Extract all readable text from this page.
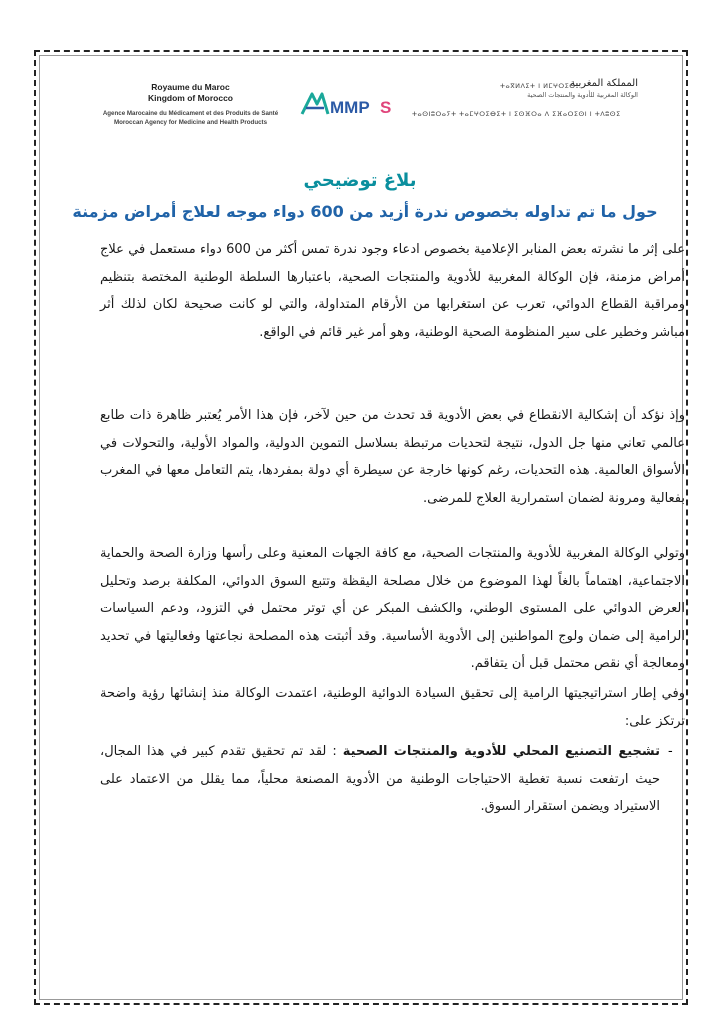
Royaume du Maroc
Kingdom of Morocco
Agence Marocaine du Médicament et des Produits de Santé
Moroccan Agency for Medicine and Health Products
MMP S
المملكة المغربية
الوكالة المغربية للأدوية والمنتجات الصحية
ⵜⴰⴳⵍⴷⵉⵜ ⵏ ⵍⵎⵖⵔⵉⴱ
ⵜⴰⵙⵏⵓⵔⴰⵢⵜ ⵜⴰⵎⵖⵔⵉⴱⵉⵜ ⵏ ⵉⵙⴼⵔⴰ ⴷ ⵉⴼⴰⵔⵉⵙⵏ ⵏ ⵜⴷⵓⵙⵉ
بلاغ توضيحي
حول ما تم تداوله بخصوص ندرة أزيد من 600 دواء موجه لعلاج أمراض مزمنة
على إثر ما نشرته بعض المنابر الإعلامية بخصوص ادعاء وجود ندرة تمس أكثر من 600 دواء مستعمل في علاج أمراض مزمنة، فإن الوكالة المغربية للأدوية والمنتجات الصحية، باعتبارها السلطة الوطنية المختصة بتنظيم ومراقبة القطاع الدوائي، تعرب عن استغرابها من الأرقام المتداولة، والتي لو كانت صحيحة لكان لذلك أثر مباشر وخطير على سير المنظومة الصحية الوطنية، وهو أمر غير قائم في الواقع.
وإذ نؤكد أن إشكالية الانقطاع في بعض الأدوية قد تحدث من حين لآخر، فإن هذا الأمر يُعتبر ظاهرة ذات طابع عالمي تعاني منها جل الدول، نتيجة لتحديات مرتبطة بسلاسل التموين الدولية، والمواد الأولية، والتحولات في الأسواق العالمية. هذه التحديات، رغم كونها خارجة عن سيطرة أي دولة بمفردها، يتم التعامل معها في المغرب بفعالية ومرونة لضمان استمرارية العلاج للمرضى.
وتولي الوكالة المغربية للأدوية والمنتجات الصحية، مع كافة الجهات المعنية وعلى رأسها وزارة الصحة والحماية الاجتماعية، اهتماماً بالغاً لهذا الموضوع من خلال مصلحة اليقظة وتتبع السوق الدوائي، المكلفة برصد وتحليل العرض الدوائي على المستوى الوطني، والكشف المبكر عن أي توتر محتمل في التزود، ودعم السياسات الرامية إلى ضمان ولوج المواطنين إلى الأدوية الأساسية. وقد أثبتت هذه المصلحة نجاعتها وفعاليتها في تحديد ومعالجة أي نقص محتمل قبل أن يتفاقم.
وفي إطار استراتيجيتها الرامية إلى تحقيق السيادة الدوائية الوطنية، اعتمدت الوكالة منذ إنشائها رؤية واضحة ترتكز على:
-
تشجيع التصنيع المحلي للأدوية والمنتجات الصحية : لقد تم تحقيق تقدم كبير في هذا المجال، حيث ارتفعت نسبة تغطية الاحتياجات الوطنية من الأدوية المصنعة محلياً، مما يقلل من الاعتماد على الاستيراد ويضمن استقرار السوق.
